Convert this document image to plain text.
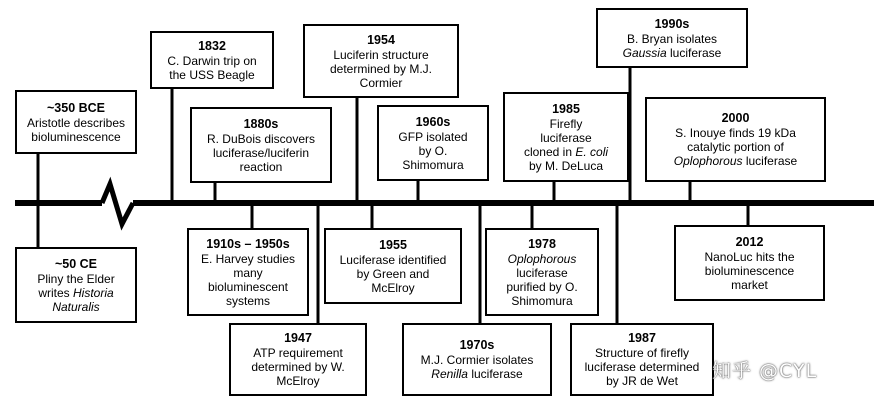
~350 BCE
Aristotle describes
bioluminescence
~50 CE
Pliny the Elder
writes Historia
Naturalis
1832
C. Darwin trip on
the USS Beagle
1880s
R. DuBois discovers
luciferase/luciferin
reaction
1910s – 1950s
E. Harvey studies
many
bioluminescent
systems
1947
ATP requirement
determined by W.
McElroy
1954
Luciferin structure
determined by M.J.
Cormier
1955
Luciferase identified
by Green and
McElroy
1960s
GFP isolated
by O.
Shimomura
1970s
M.J. Cormier isolates
Renilla luciferase
1978
Oplophorous
luciferase
purified by O.
Shimomura
1985
Firefly
luciferase
cloned in E. coli
by M. DeLuca
1987
Structure of firefly
luciferase determined
by JR de Wet
1990s
B. Bryan isolates
Gaussia luciferase
2000
S. Inouye finds 19 kDa
catalytic portion of
Oplophorous luciferase
2012
NanoLuc hits the
bioluminescence
market
知乎 @CYL
